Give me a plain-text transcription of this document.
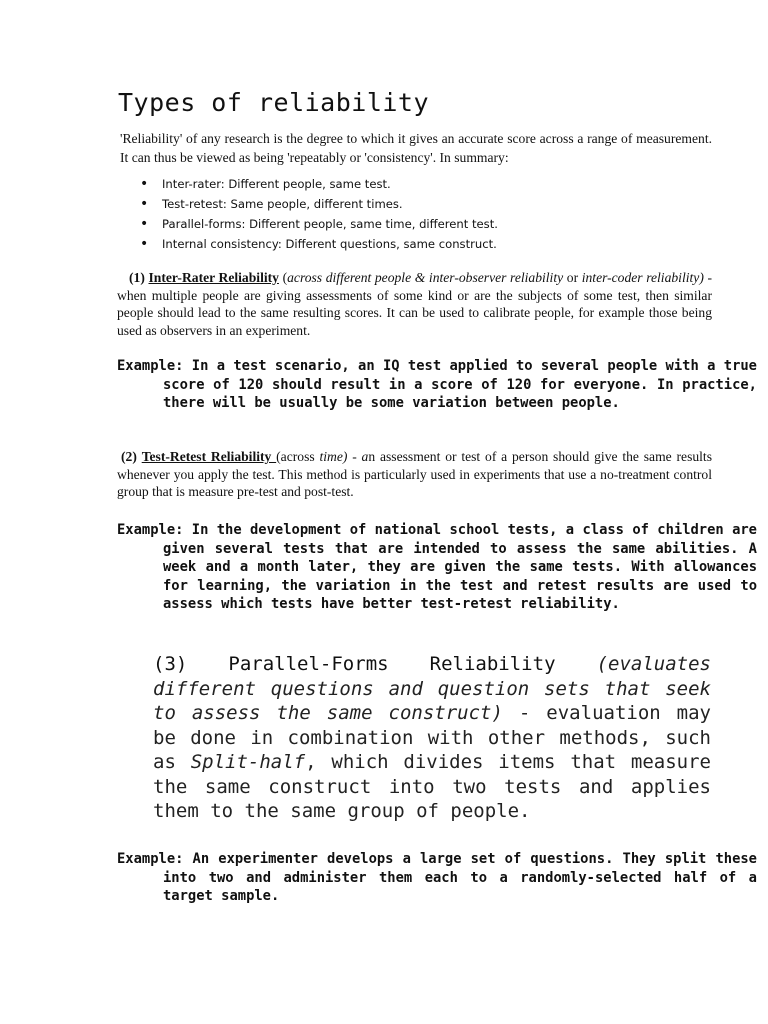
Types of reliability

'Reliability' of any research is the degree to which it gives an accurate score across a range of measurement. It can thus be viewed as being 'repeatably or 'consistency'. In summary:

• Inter-rater: Different people, same test.
• Test-retest: Same people, different times.
• Parallel-forms: Different people, same time, different test.
• Internal consistency: Different questions, same construct.

(1) Inter-Rater Reliability (across different people & inter-observer reliability or inter-coder reliability) - when multiple people are giving assessments of some kind or are the subjects of some test, then similar people should lead to the same resulting scores. It can be used to calibrate people, for example those being used as observers in an experiment.

Example: In a test scenario, an IQ test applied to several people with a true score of 120 should result in a score of 120 for everyone. In practice, there will be usually be some variation between people.

(2) Test-Retest Reliability (across time) - an assessment or test of a person should give the same results whenever you apply the test. This method is particularly used in experiments that use a no-treatment control group that is measure pre-test and post-test.

Example: In the development of national school tests, a class of children are given several tests that are intended to assess the same abilities. A week and a month later, they are given the same tests. With allowances for learning, the variation in the test and retest results are used to assess which tests have better test-retest reliability.

(3) Parallel-Forms Reliability (evaluates different questions and question sets that seek to assess the same construct) - evaluation may be done in combination with other methods, such as Split-half, which divides items that measure the same construct into two tests and applies them to the same group of people.

Example: An experimenter develops a large set of questions. They split these into two and administer them each to a randomly-selected half of a target sample.
